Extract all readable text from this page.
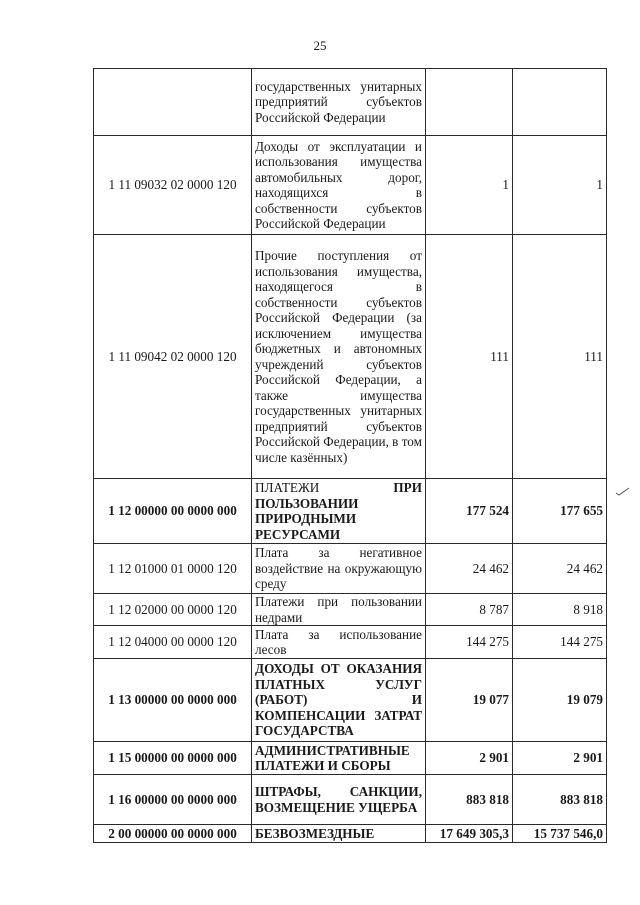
25
	государственных унитарных предприятий субъектов Российской Федерации		
1 11 09032 02 0000 120	Доходы от эксплуатации и использования имущества автомобильных дорог, находящихся в собственности субъектов Российской Федерации	1	1
1 11 09042 02 0000 120	Прочие поступления от использования имущества, находящегося в собственности субъектов Российской Федерации (за исключением имущества бюджетных и автономных учреждений субъектов Российской Федерации, а также имущества государственных унитарных предприятий субъектов Российской Федерации, в том числе казённых)	111	111
1 12 00000 00 0000 000	ПЛАТЕЖИ ПРИ ПОЛЬЗОВАНИИ ПРИРОДНЫМИ РЕСУРСАМИ	177 524	177 655
1 12 01000 01 0000 120	Плата за негативное воздействие на окружающую среду	24 462	24 462
1 12 02000 00 0000 120	Платежи при пользовании недрами	8 787	8 918
1 12 04000 00 0000 120	Плата за использование лесов	144 275	144 275
1 13 00000 00 0000 000	ДОХОДЫ ОТ ОКАЗАНИЯ ПЛАТНЫХ УСЛУГ (РАБОТ) И КОМПЕНСАЦИИ ЗАТРАТ ГОСУДАРСТВА	19 077	19 079
1 15 00000 00 0000 000	АДМИНИСТРАТИВНЫЕ ПЛАТЕЖИ И СБОРЫ	2 901	2 901
1 16 00000 00 0000 000	ШТРАФЫ, САНКЦИИ, ВОЗМЕЩЕНИЕ УЩЕРБА	883 818	883 818
2 00 00000 00 0000 000	БЕЗВОЗМЕЗДНЫЕ	17 649 305,3	15 737 546,0
